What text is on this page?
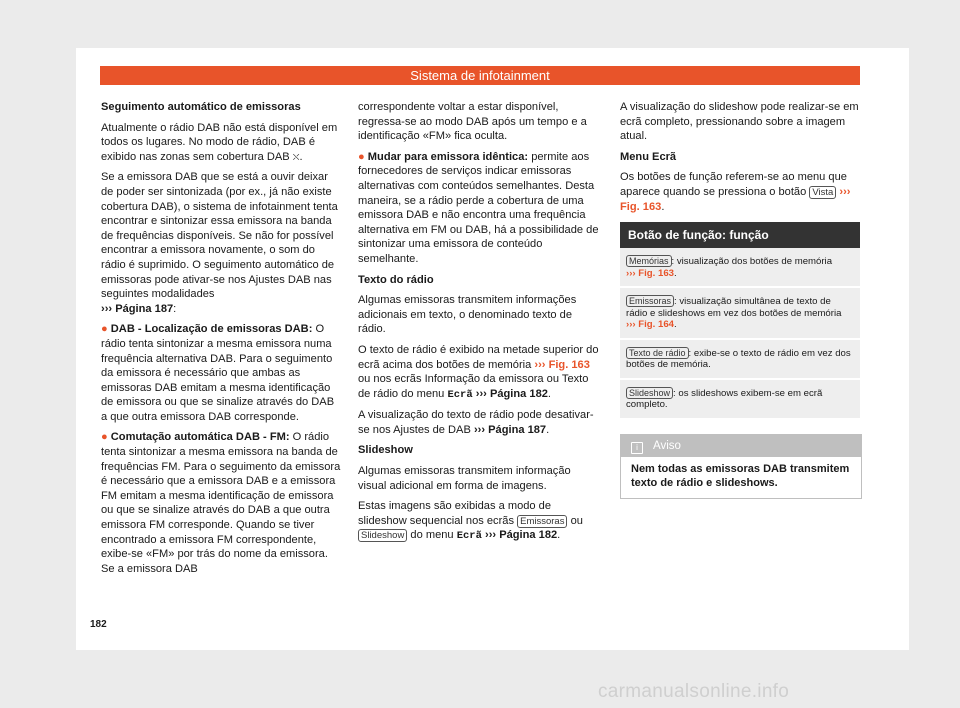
Sistema de infotainment

Seguimento automático de emissoras

Atualmente o rádio DAB não está disponível em todos os lugares. No modo de rádio, DAB é exibido nas zonas sem cobertura DAB ⛌.

Se a emissora DAB que se está a ouvir deixar de poder ser sintonizada (por ex., já não existe cobertura DAB), o sistema de infotainment tenta encontrar e sintonizar essa emissora na banda de frequências disponíveis. Se não for possível encontrar a emissora novamente, o som do rádio é suprimido. O seguimento automático de emissoras pode ativar-se nos Ajustes DAB nas seguintes modalidades
››› Página 187:

● DAB - Localização de emissoras DAB: O rádio tenta sintonizar a mesma emissora numa frequência alternativa DAB. Para o seguimento da emissora é necessário que ambas as emissoras DAB emitam a mesma identificação de emissora ou que se sinalize através do DAB a que outra emissora DAB corresponde.

● Comutação automática DAB - FM: O rádio tenta sintonizar a mesma emissora na banda de frequências FM. Para o seguimento da emissora é necessário que a emissora DAB e a emissora FM emitam a mesma identificação de emissora ou que se sinalize através do DAB a que outra emissora FM corresponde. Quando se tiver encontrado a emissora FM correspondente, exibe-se «FM» por trás do nome da emissora. Se a emissora DAB

correspondente voltar a estar disponível, regressa-se ao modo DAB após um tempo e a identificação «FM» fica oculta.

● Mudar para emissora idêntica: permite aos fornecedores de serviços indicar emissoras alternativas com conteúdos semelhantes. Desta maneira, se a rádio perde a cobertura de uma emissora DAB e não encontra uma frequência alternativa em FM ou DAB, há a possibilidade de sintonizar uma emissora de conteúdo semelhante.

Texto do rádio

Algumas emissoras transmitem informações adicionais em texto, o denominado texto de rádio.

O texto de rádio é exibido na metade superior do ecrã acima dos botões de memória ››› Fig. 163 ou nos ecrãs Informação da emissora ou Texto de rádio do menu Ecrã ››› Página 182.

A visualização do texto de rádio pode desativar-se nos Ajustes de DAB ››› Página 187.

Slideshow

Algumas emissoras transmitem informação visual adicional em forma de imagens.

Estas imagens são exibidas a modo de slideshow sequencial nos ecrãs Emissoras ou Slideshow do menu Ecrã ››› Página 182.

A visualização do slideshow pode realizar-se em ecrã completo, pressionando sobre a imagem atual.

Menu Ecrã

Os botões de função referem-se ao menu que aparece quando se pressiona o botão Vista ››› Fig. 163.

Botão de função: função
Memórias : visualização dos botões de memória
››› Fig. 163.
Emissoras : visualização simultânea de texto de rádio e slideshows em vez dos botões de memória
››› Fig. 164.
Texto de rádio : exibe-se o texto de rádio em vez dos botões de memória.
Slideshow : os slideshows exibem-se em ecrã completo.
i Aviso
Nem todas as emissoras DAB transmitem texto de rádio e slideshows.
182
carmanualsonline.info
